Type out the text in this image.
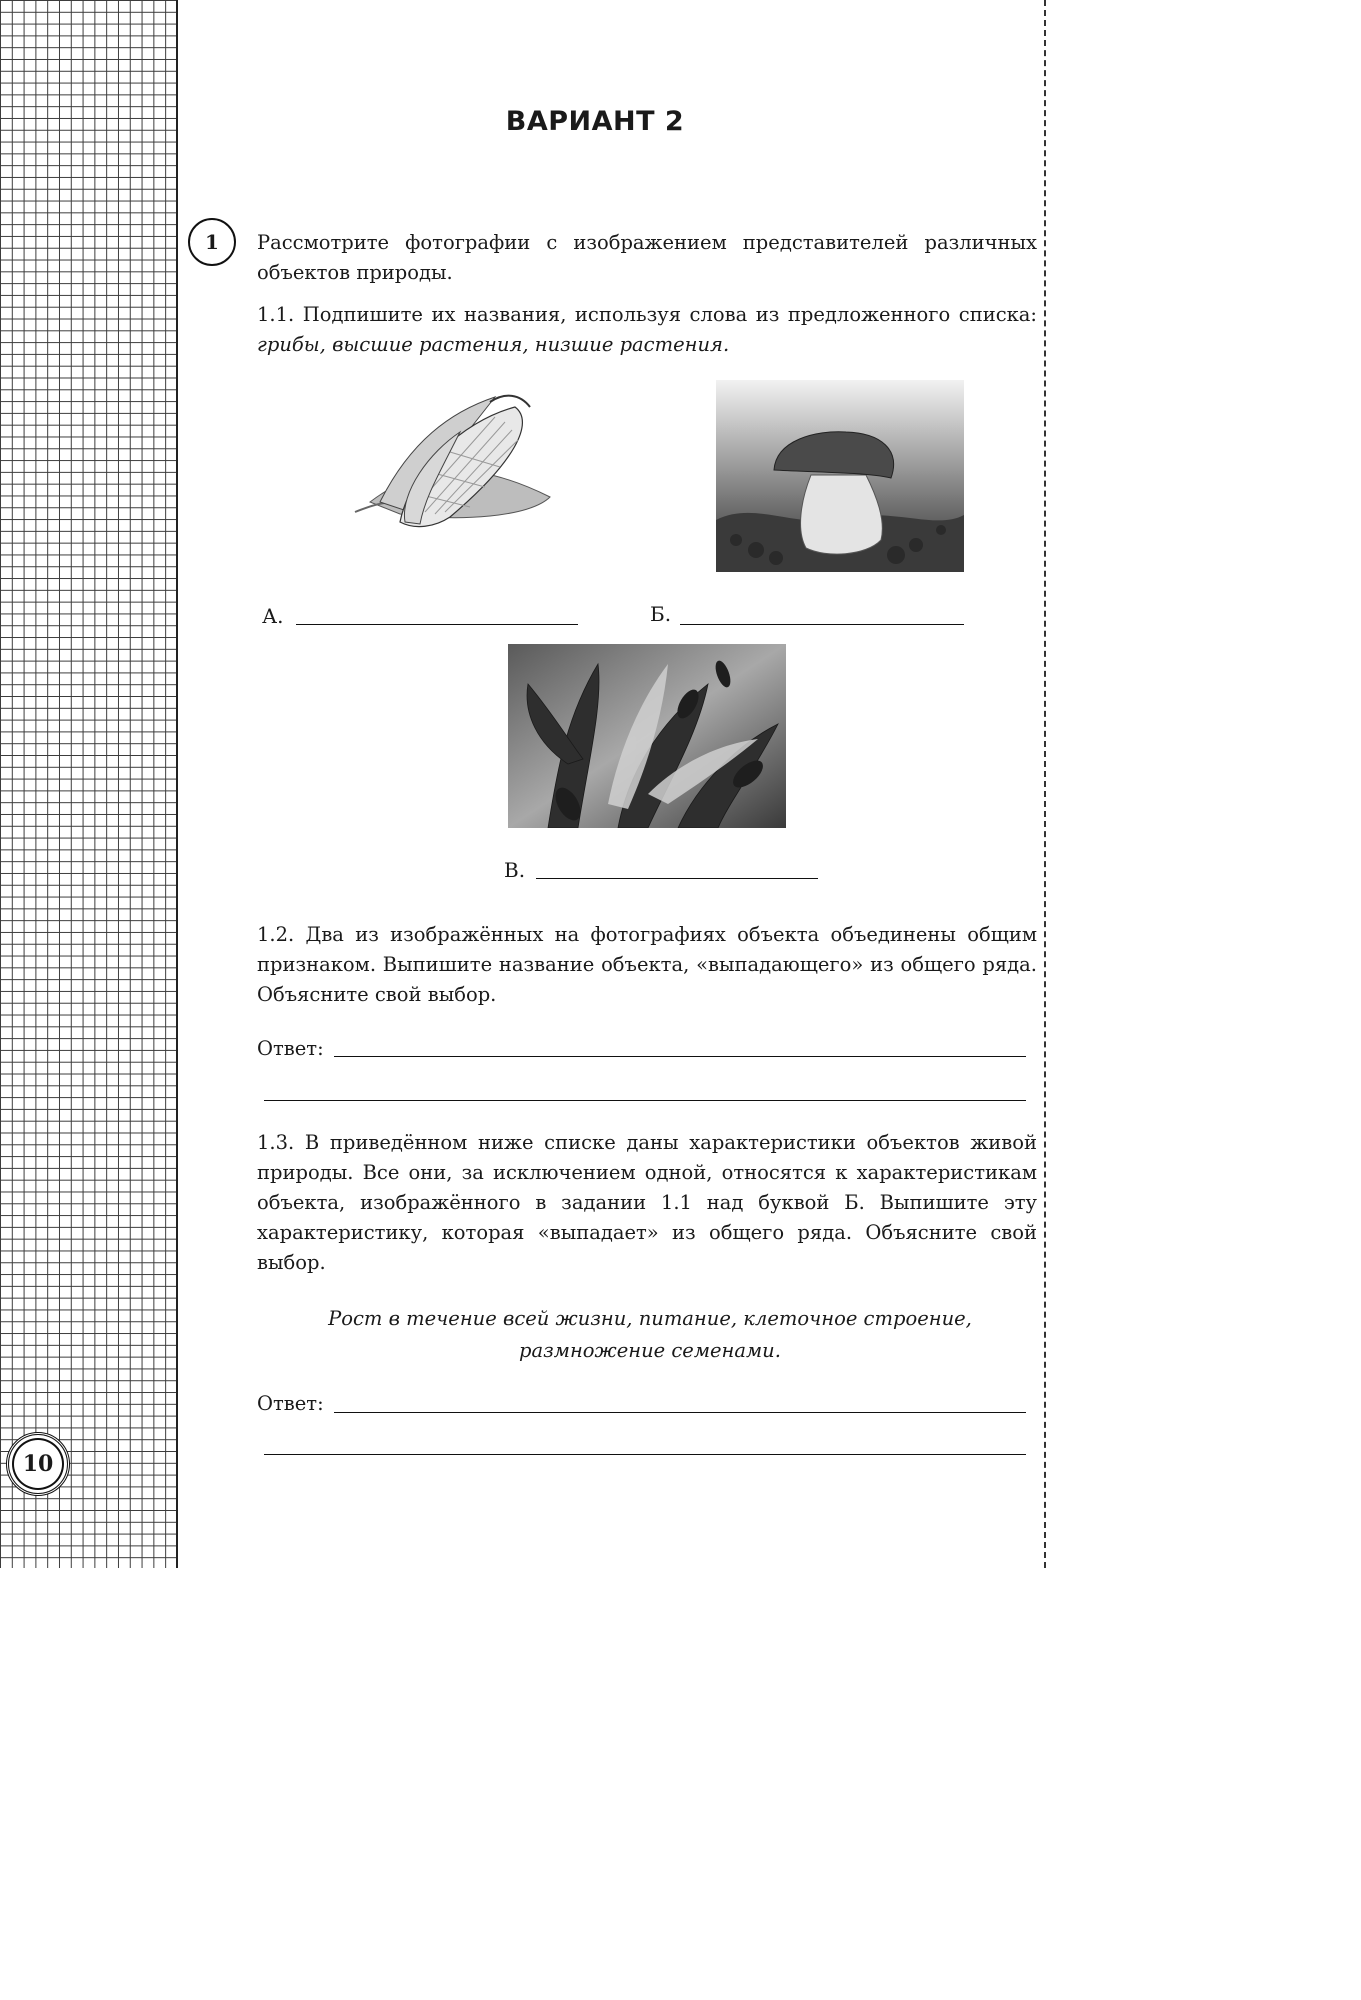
10
ВАРИАНТ 2
1 Рассмотрите фотографии с изображением представителей различных объектов природы.

1.1. Подпишите их названия, используя слова из предложенного списка: грибы, высшие растения, низшие растения.

А.	Б.
В.

1.2. Два из изображённых на фотографиях объекта объединены общим признаком. Выпишите название объекта, «выпадающего» из общего ряда. Объясните свой выбор.

Ответ:

1.3. В приведённом ниже списке даны характеристики объектов живой природы. Все они, за исключением одной, относятся к характеристикам объекта, изображённого в задании 1.1 над буквой Б. Выпишите эту характеристику, которая «выпадает» из общего ряда. Объясните свой выбор.

Рост в течение всей жизни, питание, клеточное строение,
размножение семенами.
Ответ:
